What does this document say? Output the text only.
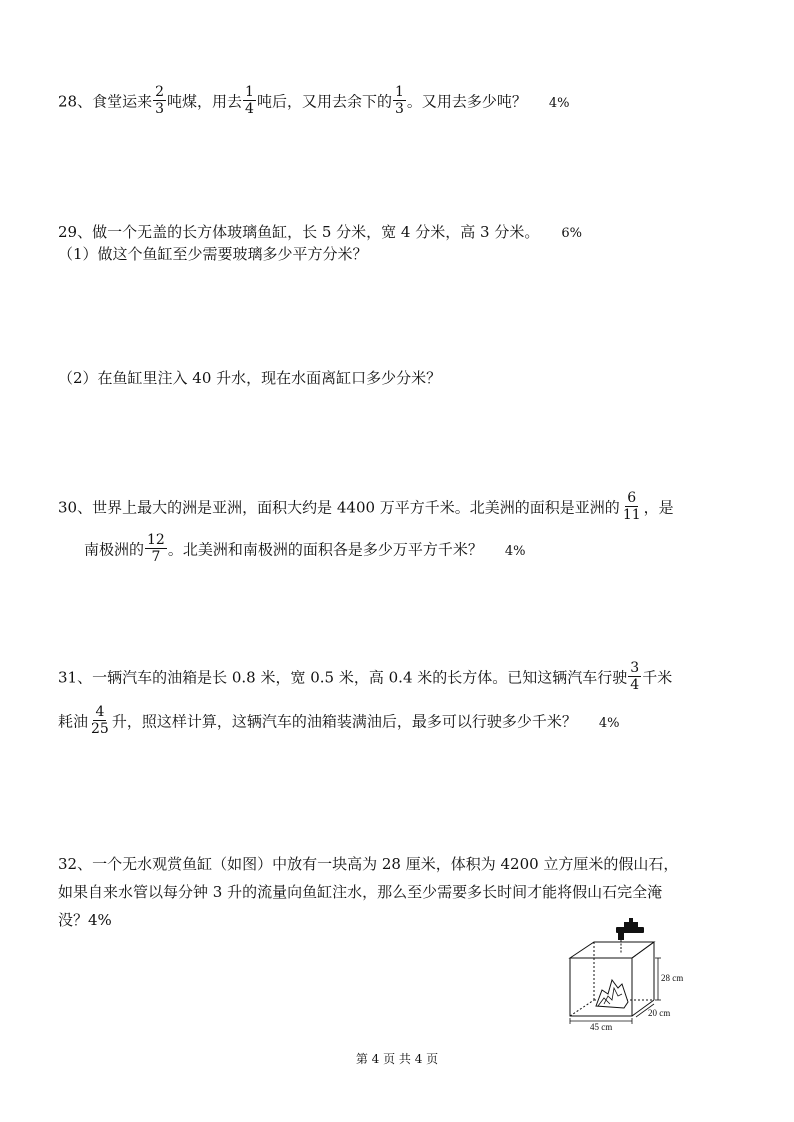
28、食堂运来 $\frac{2}{3}$ 吨煤，用去 $\frac{1}{4}$ 吨后，又用去余下的 $\frac{1}{3}$ 。又用去多少吨？ 4%
29、做一个无盖的长方体玻璃鱼缸，长 5 分米，宽 4 分米，高 3 分米。 6%
（1）做这个鱼缸至少需要玻璃多少平方分米？
（2）在鱼缸里注入 40 升水，现在水面离缸口多少分米？
30、世界上最大的洲是亚洲，面积大约是 4400 万平方千米。北美洲的面积是亚洲的 $\frac{6}{11}$ ，是
南极洲的 $\frac{12}{7}$ 。北美洲和南极洲的面积各是多少万平方千米？ 4%
31、一辆汽车的油箱是长 0.8 米，宽 0.5 米，高 0.4 米的长方体。已知这辆汽车行驶 $\frac{3}{4}$ 千米
耗油 $\frac{4}{25}$ 升，照这样计算，这辆汽车的油箱装满油后，最多可以行驶多少千米？ 4%
32、一个无水观赏鱼缸（如图）中放有一块高为 28 厘米，体积为 4200 立方厘米的假山石，
如果自来水管以每分钟 3 升的流量向鱼缸注水，那么至少需要多长时间才能将假山石完全淹
没？4%
28 cm
45 cm
20 cm
第 4 页 共 4 页
